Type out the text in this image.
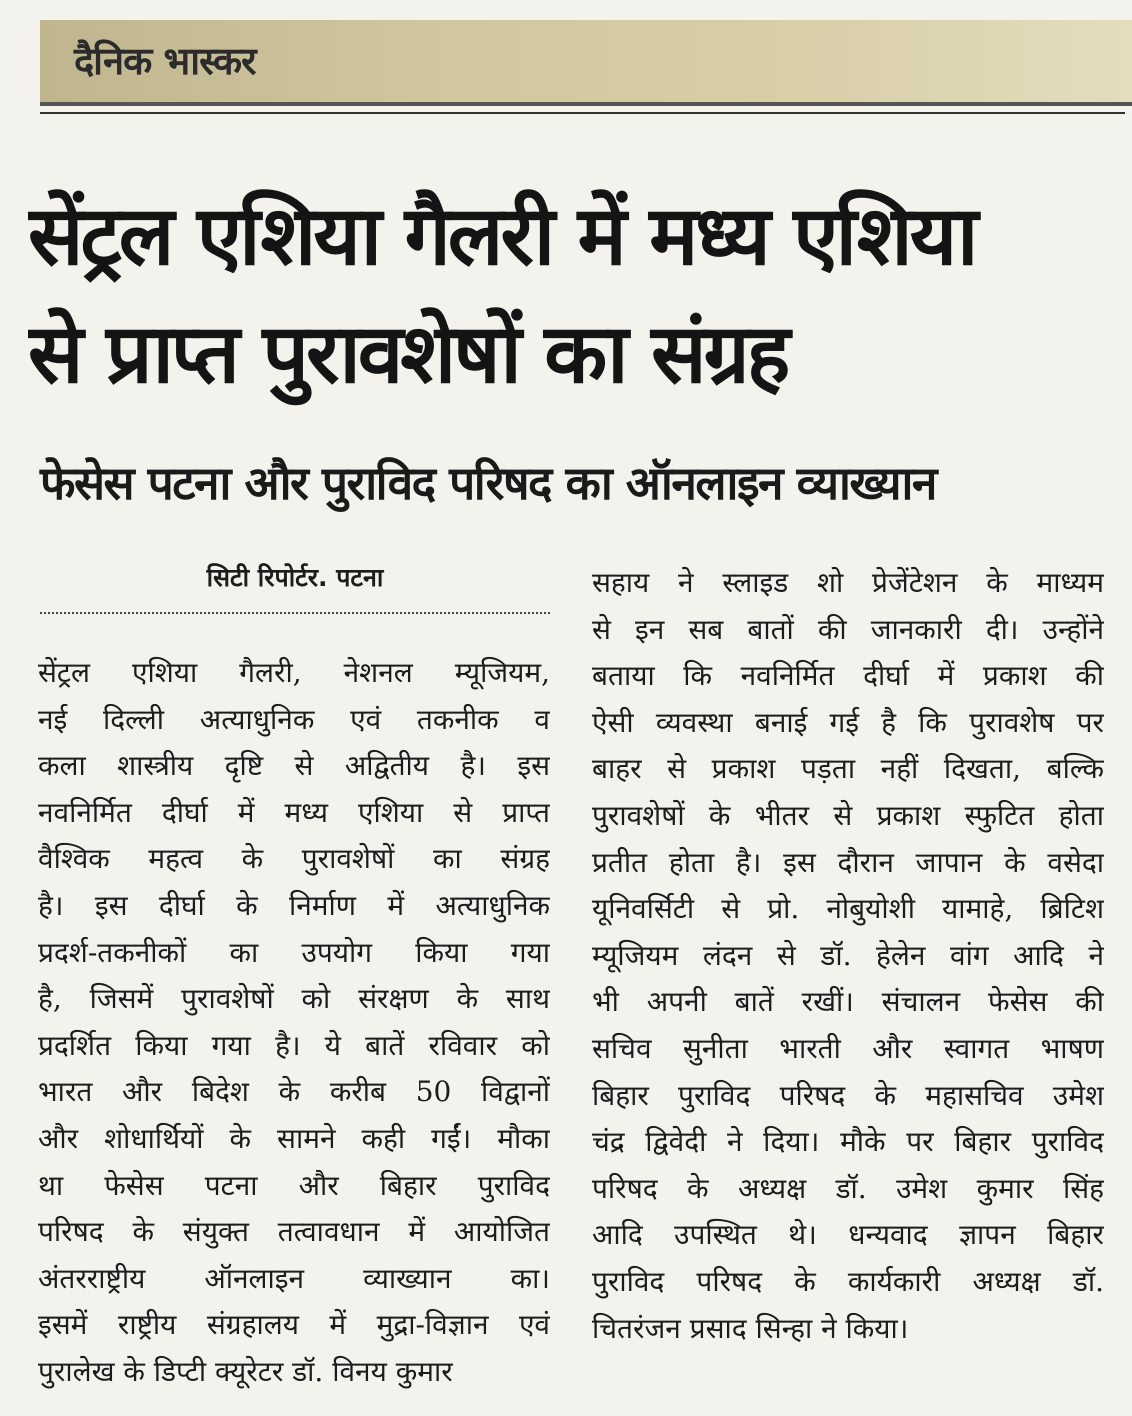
दैनिक भास्कर
सेंट्रल एशिया गैलरी में मध्य एशिया
से प्राप्त पुरावशेषों का संग्रह
फेसेस पटना और पुराविद परिषद का ऑनलाइन व्याख्यान
सिटी रिपोर्टर. पटना
सेंट्रल एशिया गैलरी, नेशनल म्यूजियम,
नई दिल्ली अत्याधुनिक एवं तकनीक व
कला शास्त्रीय दृष्टि से अद्वितीय है। इस
नवनिर्मित दीर्घा में मध्य एशिया से प्राप्त
वैश्विक महत्व के पुरावशेषों का संग्रह
है। इस दीर्घा के निर्माण में अत्याधुनिक
प्रदर्श-तकनीकों का उपयोग किया गया
है, जिसमें पुरावशेषों को संरक्षण के साथ
प्रदर्शित किया गया है। ये बातें रविवार को
भारत और बिदेश के करीब 50 विद्वानों
और शोधार्थियों के सामने कही गईं। मौका
था फेसेस पटना और बिहार पुराविद
परिषद के संयुक्त तत्वावधान में आयोजित
अंतरराष्ट्रीय ऑनलाइन व्याख्यान का।
इसमें राष्ट्रीय संग्रहालय में मुद्रा-विज्ञान एवं
पुरालेख के डिप्टी क्यूरेटर डॉ. विनय कुमार
सहाय ने स्लाइड शो प्रेजेंटेशन के माध्यम
से इन सब बातों की जानकारी दी। उन्होंने
बताया कि नवनिर्मित दीर्घा में प्रकाश की
ऐसी व्यवस्था बनाई गई है कि पुरावशेष पर
बाहर से प्रकाश पड़ता नहीं दिखता, बल्कि
पुरावशेषों के भीतर से प्रकाश स्फुटित होता
प्रतीत होता है। इस दौरान जापान के वसेदा
यूनिवर्सिटी से प्रो. नोबुयोशी यामाहे, ब्रिटिश
म्यूजियम लंदन से डॉ. हेलेन वांग आदि ने
भी अपनी बातें रखीं। संचालन फेसेस की
सचिव सुनीता भारती और स्वागत भाषण
बिहार पुराविद परिषद के महासचिव उमेश
चंद्र द्विवेदी ने दिया। मौके पर बिहार पुराविद
परिषद के अध्यक्ष डॉ. उमेश कुमार सिंह
आदि उपस्थित थे। धन्यवाद ज्ञापन बिहार
पुराविद परिषद के कार्यकारी अध्यक्ष डॉ.
चितरंजन प्रसाद सिन्हा ने किया।
